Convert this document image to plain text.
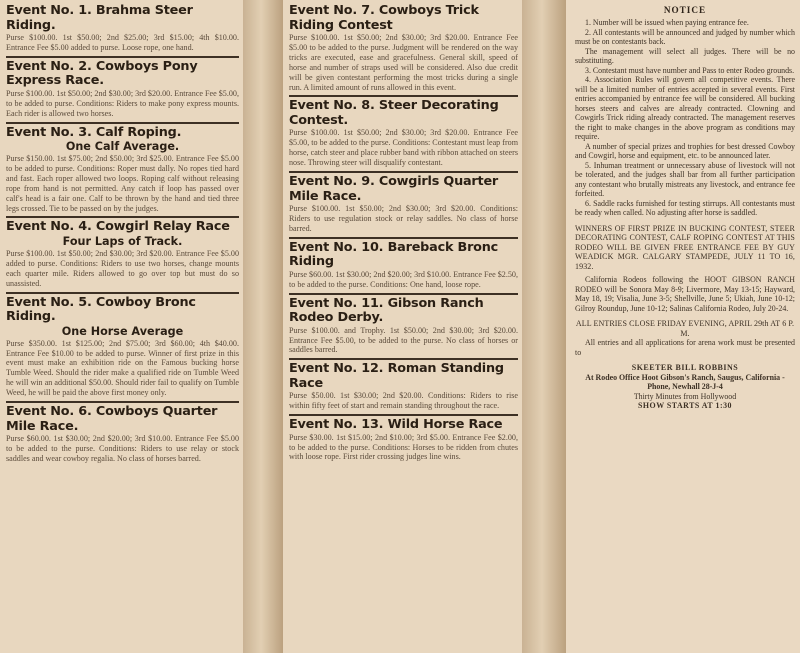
Event No. 1. Brahma Steer Riding.

Purse $100.00. 1st $50.00; 2nd $25.00; 3rd $15.00; 4th $10.00. Entrance Fee $5.00 added to purse. Loose rope, one hand.

Event No. 2. Cowboys Pony Express Race.

Purse $100.00. 1st $50.00; 2nd $30.00; 3rd $20.00. Entrance Fee $5.00, to be added to purse. Conditions: Riders to make pony express mounts. Each rider is allowed two horses.

Event No. 3. Calf Roping.
One Calf Average.

Purse $150.00. 1st $75.00; 2nd $50.00; 3rd $25.00. Entrance Fee $5.00 to be added to purse. Conditions: Roper must dally. No ropes tied hard and fast. Each roper allowed two loops. Roping calf without releasing rope from hand is not permitted. Any catch if loop has passed over calf's head is a fair one. Calf to be thrown by the hand and tied three legs crossed. Tie to be passed on by the judges.

Event No. 4. Cowgirl Relay Race
Four Laps of Track.

Purse $100.00. 1st $50.00; 2nd $30.00; 3rd $20.00. Entrance Fee $5.00 added to purse. Conditions: Riders to use two horses, change mounts each quarter mile. Riders allowed to go over top but must do so unassisted.

Event No. 5. Cowboy Bronc Riding.
One Horse Average

Purse $350.00. 1st $125.00; 2nd $75.00; 3rd $60.00; 4th $40.00. Entrance Fee $10.00 to be added to purse. Winner of first prize in this event must make an exhibition ride on the Famous bucking horse Tumble Weed. Should the rider make a qualified ride on Tumble Weed he will win an additional $50.00. Should rider fail to qualify on Tumble Weed, he will be paid the above first money only.

Event No. 6. Cowboys Quarter Mile Race.

Purse $60.00. 1st $30.00; 2nd $20.00; 3rd $10.00. Entrance Fee $5.00 to be added to the purse. Conditions: Riders to use relay or stock saddles and wear cowboy regalia. No class of horses barred.

Event No. 7. Cowboys Trick Riding Contest

Purse $100.00. 1st $50.00; 2nd $30.00; 3rd $20.00. Entrance Fee $5.00 to be added to the purse. Judgment will be rendered on the way tricks are executed, ease and gracefulness. General skill, speed of horse and number of straps used will be considered. Also due credit will be given contestant performing the most tricks during a single run. A limited amount of runs allowed in this event.

Event No. 8. Steer Decorating Contest.

Purse $100.00. 1st $50.00; 2nd $30.00; 3rd $20.00. Entrance Fee $5.00, to be added to the purse. Conditions: Contestant must leap from horse, catch steer and place rubber band with ribbon attached on steers nose. Throwing steer will disqualify contestant.

Event No. 9. Cowgirls Quarter Mile Race.

Purse $100.00. 1st $50.00; 2nd $30.00; 3rd $20.00. Conditions: Riders to use regulation stock or relay saddles. No class of horse barred.

Event No. 10. Bareback Bronc Riding

Purse $60.00. 1st $30.00; 2nd $20.00; 3rd $10.00. Entrance Fee $2.50, to be added to the purse. Conditions: One hand, loose rope.

Event No. 11. Gibson Ranch Rodeo Derby.

Purse $100.00. and Trophy. 1st $50.00; 2nd $30.00; 3rd $20.00. Entrance Fee $5.00, to be added to the purse. No class of horses or saddles barred.

Event No. 12. Roman Standing Race

Purse $50.00. 1st $30.00; 2nd $20.00. Conditions: Riders to rise within fifty feet of start and remain standing throughout the race.

Event No. 13. Wild Horse Race

Purse $30.00. 1st $15.00; 2nd $10.00; 3rd $5.00. Entrance Fee $2.00, to be added to the purse. Conditions: Horses to be ridden from chutes with loose rope. First rider crossing judges line wins.

NOTICE

1. Number will be issued when paying entrance fee.

2. All contestants will be announced and judged by number which must be on contestants back.

The management will select all judges. There will be no substituting.

3. Contestant must have number and Pass to enter Rodeo grounds.

4. Association Rules will govern all competitive events. There will be a limited number of entries accepted in several events. First entries accompanied by entrance fee will be considered. All bucking horses steers and calves are already contracted. Clowning and Cowgirls Trick riding already contracted. The management reserves the right to make changes in the above program as conditions may require.

A number of special prizes and trophies for best dressed Cowboy and Cowgirl, horse and equipment, etc. to be announced later.

5. Inhuman treatment or unnecessary abuse of livestock will not be tolerated, and the judges shall bar from all further participation any contestant who brutally mistreats any livestock, and entrance fee forfeited.

6. Saddle racks furnished for testing stirrups. All contestants must be ready when called. No adjusting after horse is saddled.

WINNERS OF FIRST PRIZE IN BUCKING CONTEST, STEER DECORATING CONTEST, CALF ROPING CONTEST AT THIS RODEO WILL BE GIVEN FREE ENTRANCE FEE BY GUY WEADICK MGR. CALGARY STAMPEDE, JULY 11 TO 16, 1932.

California Rodeos following the HOOT GIBSON RANCH RODEO will be Sonora May 8-9; Livermore, May 13-15; Hayward, May 18, 19; Visalia, June 3-5; Shellville, June 5; Ukiah, June 10-12; Gilroy Roundup, June 10-12; Salinas California Rodeo, July 20-24.

ALL ENTRIES CLOSE FRIDAY EVENING, APRIL 29th AT 6 P. M.

All entries and all applications for arena work must be presented to

SKEETER BILL ROBBINS

At Rodeo Office Hoot Gibson's Ranch, Saugus, California - Phone, Newhall 28-J-4

Thirty Minutes from Hollywood

SHOW STARTS AT 1:30
